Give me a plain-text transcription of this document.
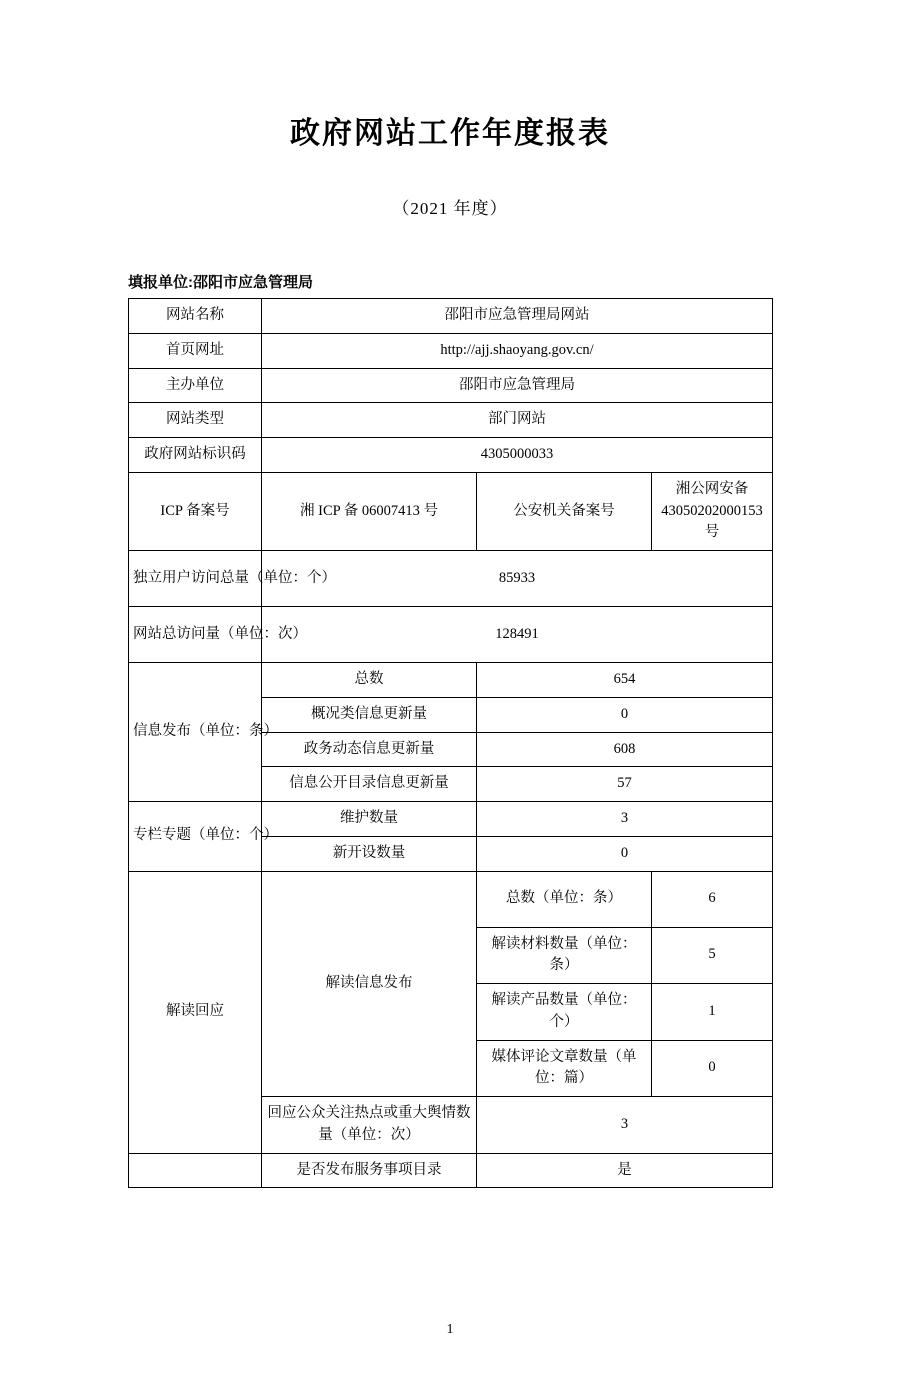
政府网站工作年度报表
（2021 年度）
填报单位:邵阳市应急管理局
网站名称	邵阳市应急管理局网站		
首页网址	http://ajj.shaoyang.gov.cn/		
主办单位	邵阳市应急管理局		
网站类型	部门网站		
政府网站标识码	4305000033		
ICP 备案号	湘 ICP 备 06007413 号	公安机关备案号	湘公网安备 43050202000153 号
独立用户访问总量（单位：个）	85933		
网站总访问量（单位：次）	128491		
信息发布（单位：条）	总数	654	
	概况类信息更新量	0	
	政务动态信息更新量	608	
	信息公开目录信息更新量	57	
专栏专题（单位：个）	维护数量	3	
	新开设数量	0	
解读回应	解读信息发布	总数（单位：条）	6
		解读材料数量（单位：条）	5
		解读产品数量（单位：个）	1
		媒体评论文章数量（单位：篇）	0
	回应公众关注热点或重大舆情数量（单位：次）	3	
	是否发布服务事项目录	是	
1
